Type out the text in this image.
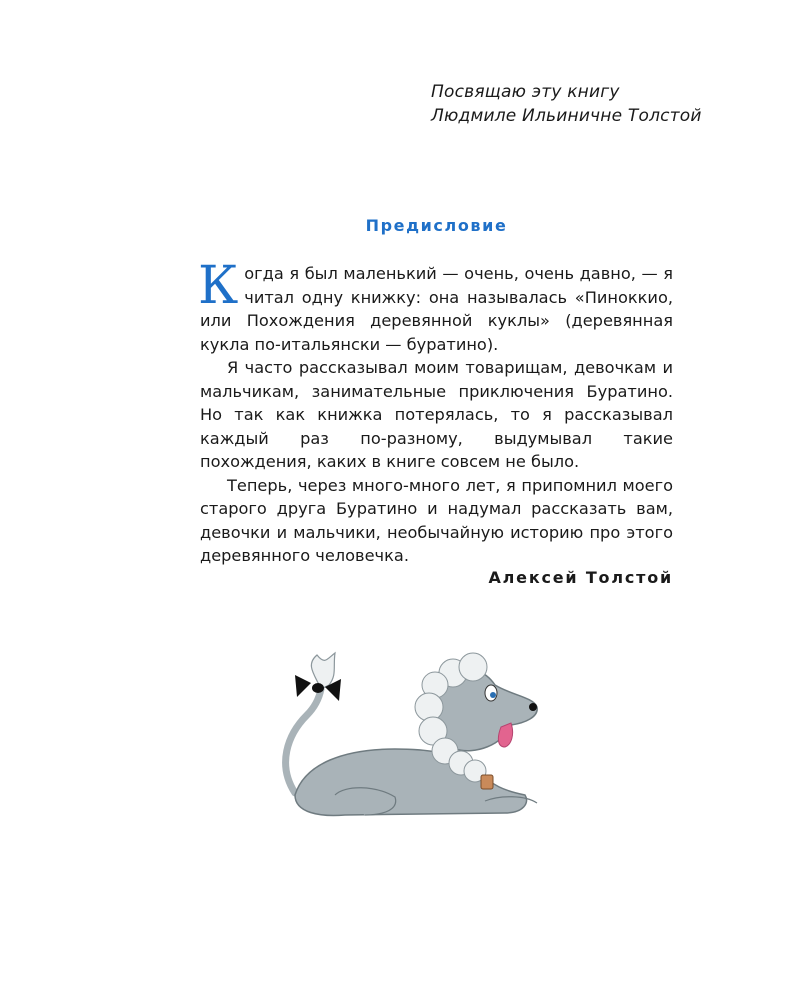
Посвящаю эту книгу
Людмиле Ильиничне Толстой
Предисловие

Когда я был маленький — очень, очень давно, — я читал одну книжку: она называлась «Пиноккио, или Похождения деревянной куклы» (деревянная кукла по-итальянски — буратино).

Я часто рассказывал моим товарищам, девочкам и мальчикам, занимательные приключения Буратино. Но так как книжка потерялась, то я рассказывал каждый раз по-разному, выдумывал такие похождения, каких в книге совсем не было.

Теперь, через много-много лет, я припомнил моего старого друга Буратино и надумал рассказать вам, девочки и мальчики, необычайную историю про этого деревянного человечка.

Алексей Толстой
